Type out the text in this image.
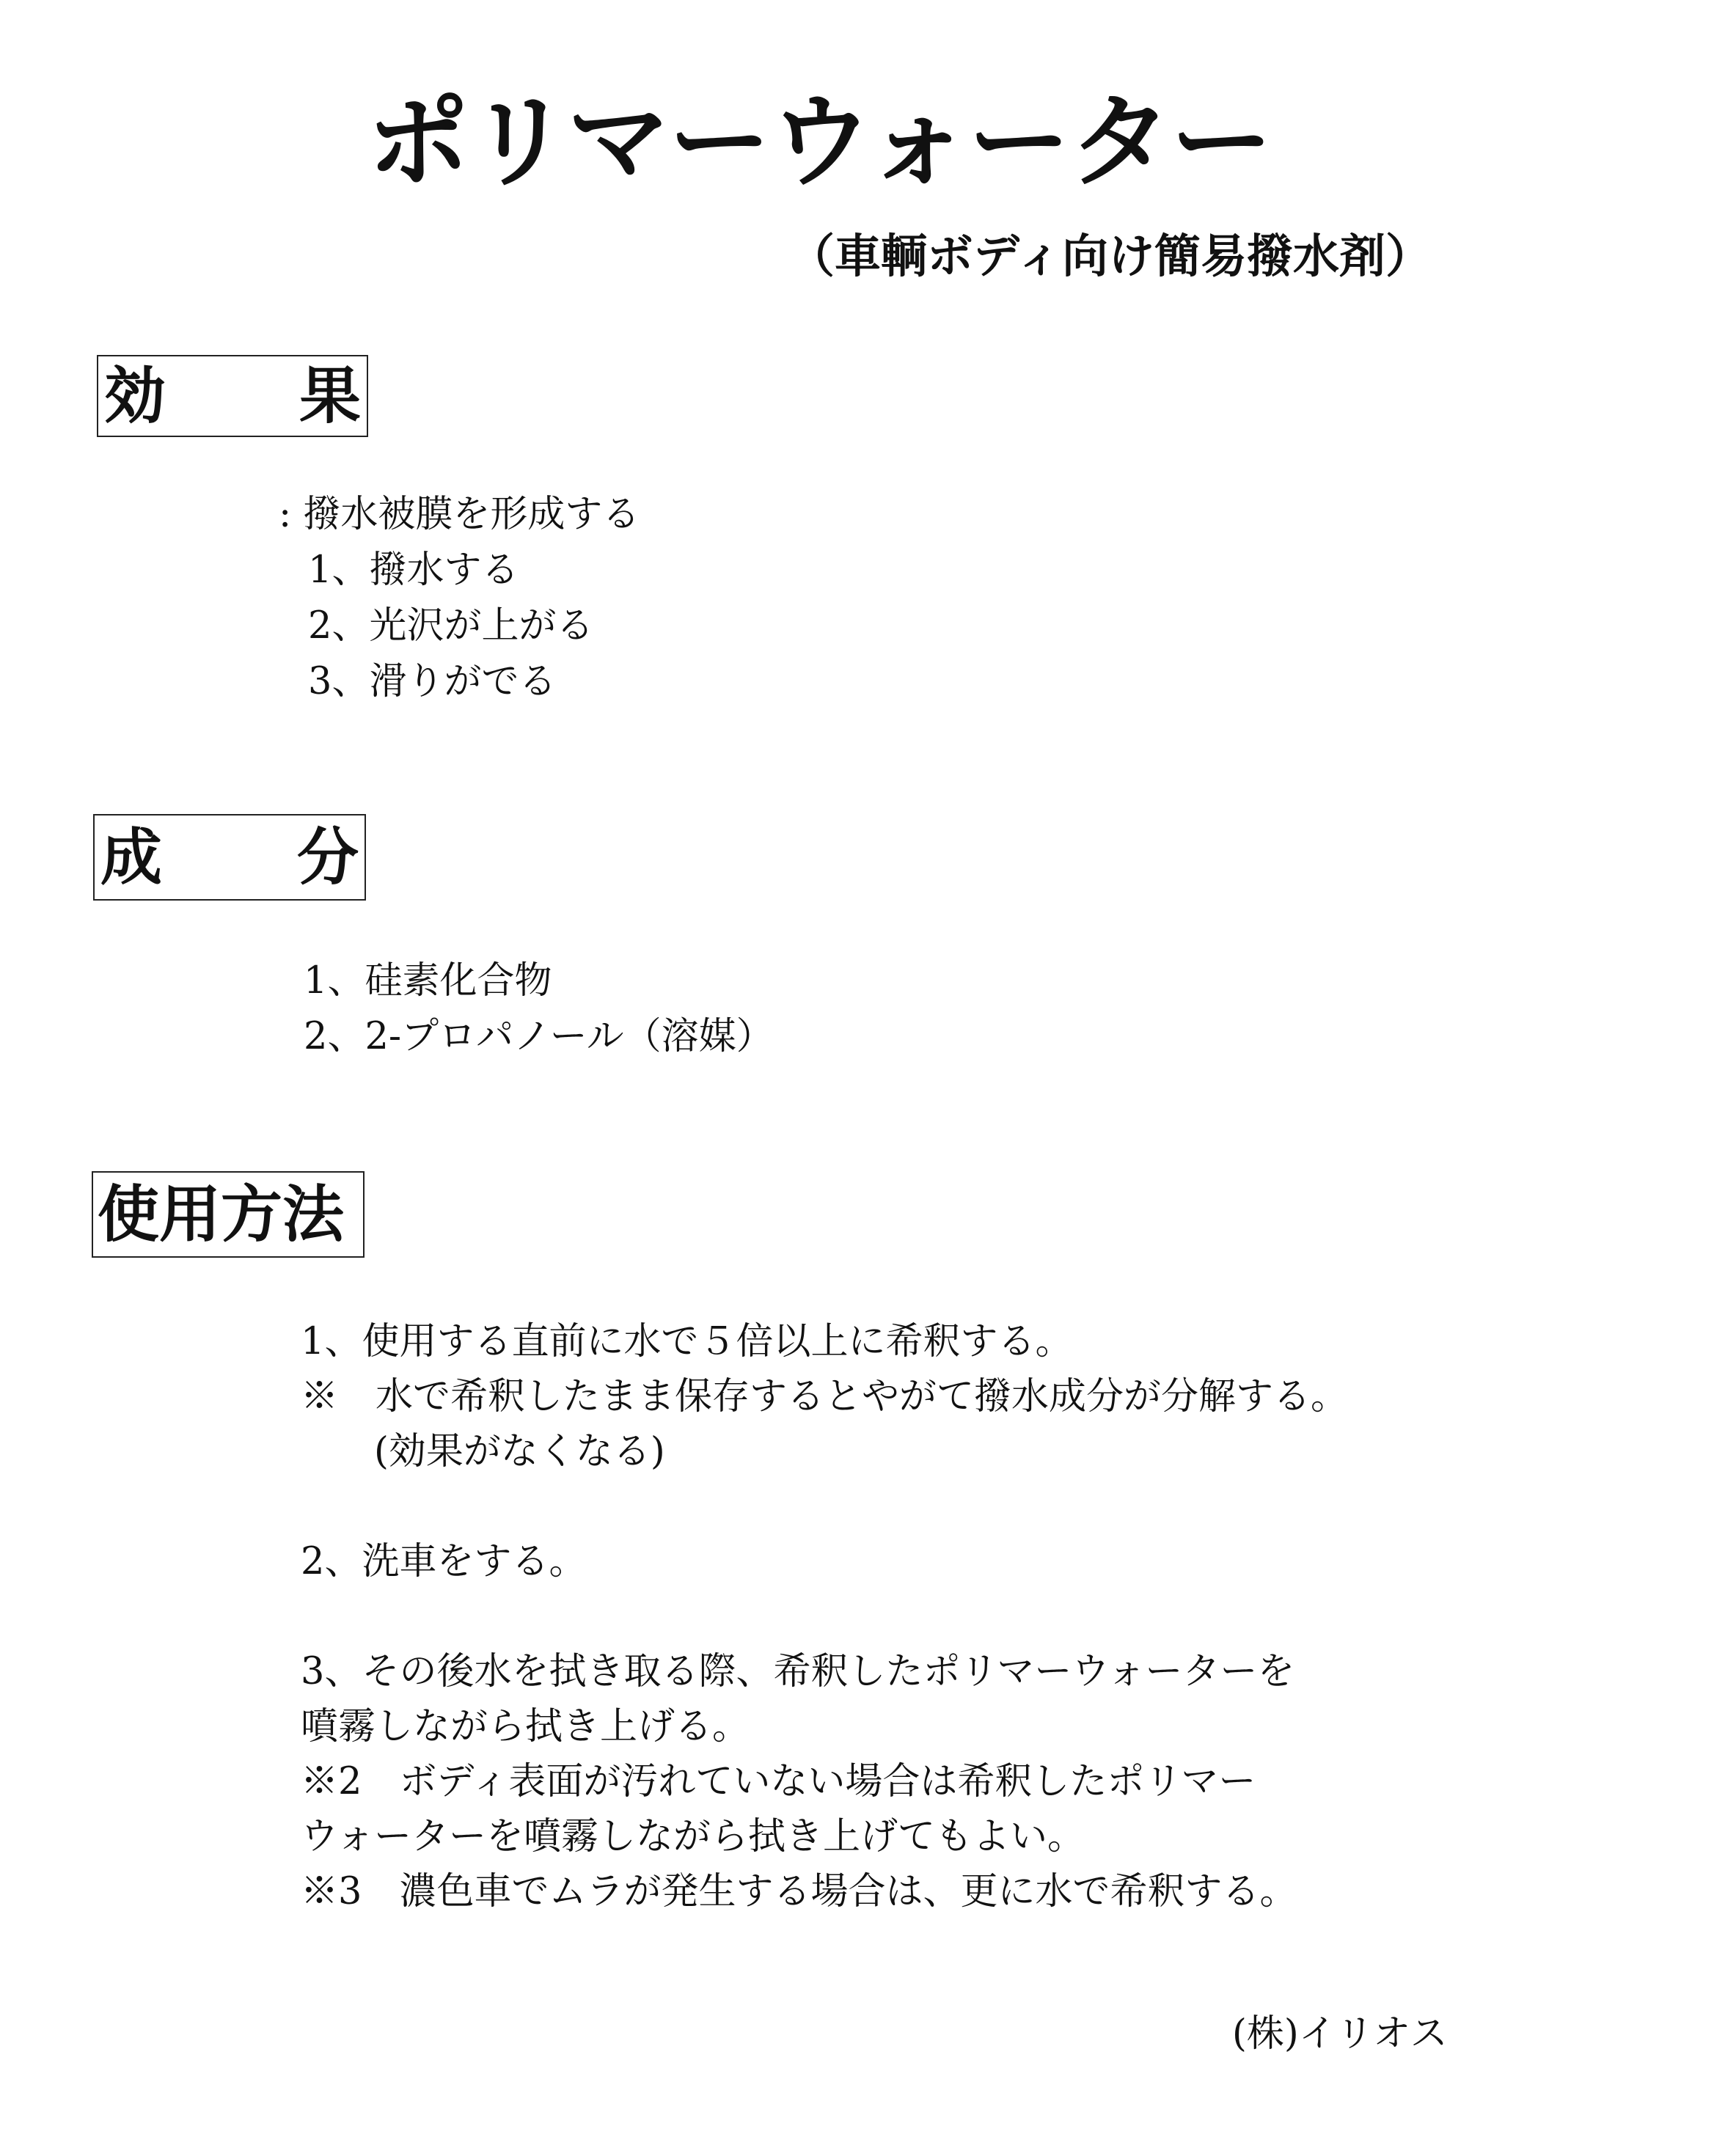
ポリマーウォーター
（車輌ボディ向け簡易撥水剤）
効 果
: 撥水被膜を形成する
1、撥水する
2、光沢が上がる
3、滑りがでる
成 分
1、硅素化合物
2、2-プロパノール（溶媒）
使用方法
1、使用する直前に水で５倍以上に希釈する。
※　水で希釈したまま保存するとやがて撥水成分が分解する。
(効果がなくなる)
2、洗車をする。
3、その後水を拭き取る際、希釈したポリマーウォーターを
噴霧しながら拭き上げる。
※2　ボディ表面が汚れていない場合は希釈したポリマー
ウォーターを噴霧しながら拭き上げてもよい。
※3　濃色車でムラが発生する場合は、更に水で希釈する。
(株)イリオス
